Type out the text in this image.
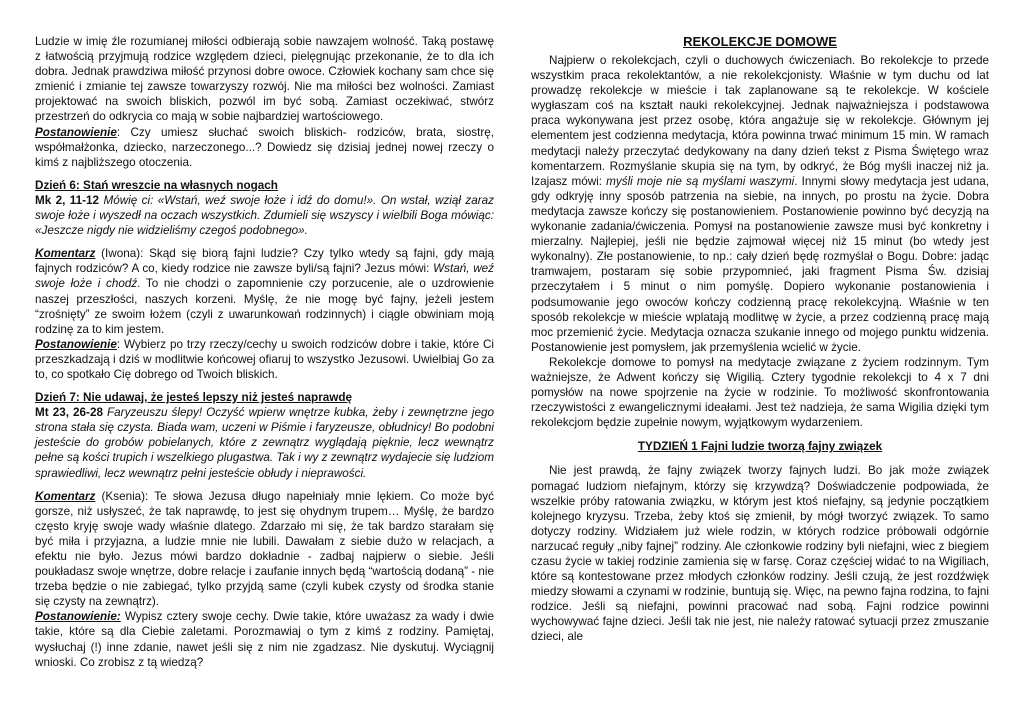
Ludzie w imię źle rozumianej miłości odbierają sobie nawzajem wolność. Taką postawę z łatwością przyjmują rodzice względem dzieci, pielęgnując przekonanie, że to dla ich dobra. Jednak prawdziwa miłość przynosi dobre owoce. Człowiek kochany sam chce się zmienić i zmianie tej zawsze towarzyszy rozwój. Nie ma miłości bez wolności. Zamiast projektować na swoich bliskich, pozwól im być sobą. Zamiast oczekiwać, stwórz przestrzeń do odkrycia co mają w sobie najbardziej wartościowego.

Postanowienie: Czy umiesz słuchać swoich bliskich- rodziców, brata, siostrę, współmałżonka, dziecko, narzeczonego...? Dowiedz się dzisiaj jednej nowej rzeczy o kimś z najbliższego otoczenia.

Dzień 6: Stań wreszcie na własnych nogach

Mk 2, 11-12 Mówię ci: «Wstań, weź swoje łoże i idź do domu!». On wstał, wziął zaraz swoje łoże i wyszedł na oczach wszystkich. Zdumieli się wszyscy i wielbili Boga mówiąc: «Jeszcze nigdy nie widzieliśmy czegoś podobnego».

Komentarz (Iwona): Skąd się biorą fajni ludzie? Czy tylko wtedy są fajni, gdy mają fajnych rodziców? A co, kiedy rodzice nie zawsze byli/są fajni? Jezus mówi: Wstań, weź swoje łoże i chodź. To nie chodzi o zapomnienie czy porzucenie, ale o uzdrowienie naszej przeszłości, naszych korzeni. Myślę, że nie mogę być fajny, jeżeli jestem “zrośnięty” ze swoim łożem (czyli z uwarunkowań rodzinnych) i ciągle obwiniam moją rodzinę za to kim jestem.

Postanowienie: Wybierz po trzy rzeczy/cechy u swoich rodziców dobre i takie, które Ci przeszkadzają i dziś w modlitwie końcowej ofiaruj to wszystko Jezusowi. Uwielbiaj Go za to, co spotkało Cię dobrego od Twoich bliskich.

Dzień 7: Nie udawaj, że jesteś lepszy niż jesteś naprawdę

Mt 23, 26-28 Faryzeuszu ślepy! Oczyść wpierw wnętrze kubka, żeby i zewnętrzne jego strona stała się czysta. Biada wam, uczeni w Piśmie i faryzeusze, obłudnicy! Bo podobni jesteście do grobów pobielanych, które z zewnątrz wyglądają pięknie, lecz wewnątrz pełne są kości trupich i wszelkiego plugastwa. Tak i wy z zewnątrz wydajecie się ludziom sprawiedliwi, lecz wewnątrz pełni jesteście obłudy i nieprawości.

Komentarz (Ksenia): Te słowa Jezusa długo napełniały mnie lękiem. Co może być gorsze, niż usłyszeć, że tak naprawdę, to jest się ohydnym trupem… Myślę, że bardzo często kryję swoje wady właśnie dlatego. Zdarzało mi się, że tak bardzo starałam się być miła i przyjazna, a ludzie mnie nie lubili. Dawałam z siebie dużo w relacjach, a efektu nie było. Jezus mówi bardzo dokładnie - zadbaj najpierw o siebie. Jeśli poukładasz swoje wnętrze, dobre relacje i zaufanie innych będą “wartością dodaną” - nie trzeba będzie o nie zabiegać, tylko przyjdą same (czyli kubek czysty od środka stanie się czysty na zewnątrz).

Postanowienie: Wypisz cztery swoje cechy. Dwie takie, które uważasz za wady i dwie takie, które są dla Ciebie zaletami. Porozmawiaj o tym z kimś z rodziny. Pamiętaj, wysłuchaj (!) inne zdanie, nawet jeśli się z nim nie zgadzasz. Nie dyskutuj. Wyciągnij wnioski. Co zrobisz z tą wiedzą?

REKOLEKCJE DOMOWE

Najpierw o rekolekcjach, czyli o duchowych ćwiczeniach. Bo rekolekcje to przede wszystkim praca rekolektantów, a nie rekolekcjonisty. Właśnie w tym duchu od lat prowadzę rekolekcje w mieście i tak zaplanowane są te rekolekcje. W kościele wygłaszam coś na kształt nauki rekolekcyjnej. Jednak najważniejsza i podstawowa praca wykonywana jest przez osobę, która angażuje się w rekolekcje. Głównym jej elementem jest codzienna medytacja, która powinna trwać minimum 15 min. W ramach medytacji należy przeczytać dedykowany na dany dzień tekst z Pisma Świętego wraz komentarzem. Rozmyślanie skupia się na tym, by odkryć, że Bóg myśli inaczej niż ja. Izajasz mówi: myśli moje nie są myślami waszymi. Innymi słowy medytacja jest udana, gdy odkryję inny sposób patrzenia na siebie, na innych, po prostu na życie. Dobra medytacja zawsze kończy się postanowieniem. Postanowienie powinno być decyzją na wykonanie zadania/ćwiczenia. Pomysł na postanowienie zawsze musi być konkretny i mierzalny. Najlepiej, jeśli nie będzie zajmował więcej niż 15 minut (bo wtedy jest wykonalny). Złe postanowienie, to np.: cały dzień będę rozmyślał o Bogu. Dobre: jadąc tramwajem, postaram się sobie przypomnieć, jaki fragment Pisma Św. dzisiaj przeczytałem i 5 minut o nim pomyślę. Dopiero wykonanie postanowienia i podsumowanie jego owoców kończy codzienną pracę rekolekcyjną. Właśnie w ten sposób rekolekcje w mieście wplatają modlitwę w życie, a przez codzienną pracę mają moc przemienić życie. Medytacja oznacza szukanie innego od mojego punktu widzenia. Postanowienie jest pomysłem, jak przemyślenia wcielić w życie.

Rekolekcje domowe to pomysł na medytacje związane z życiem rodzinnym. Tym ważniejsze, że Adwent kończy się Wigilią. Cztery tygodnie rekolekcji to 4 x 7 dni pomysłów na nowe spojrzenie na życie w rodzinie. To możliwość skonfrontowania rzeczywistości z ewangelicznymi ideałami. Jest też nadzieja, że sama Wigilia dzięki tym rekolekcjom będzie zupełnie nowym, wyjątkowym wydarzeniem.

TYDZIEŃ 1 Fajni ludzie tworzą fajny związek

Nie jest prawdą, że fajny związek tworzy fajnych ludzi. Bo jak może związek pomagać ludziom niefajnym, którzy się krzywdzą? Doświadczenie podpowiada, że wszelkie próby ratowania związku, w którym jest ktoś niefajny, są jedynie początkiem kolejnego kryzysu. Trzeba, żeby ktoś się zmienił, by mógł tworzyć związek. To samo dotyczy rodziny. Widziałem już wiele rodzin, w których rodzice próbowali odgórnie narzucać reguły „niby fajnej” rodziny. Ale członkowie rodziny byli niefajni, wiec z biegiem czasu życie w takiej rodzinie zamienia się w farsę. Coraz częściej widać to na Wigiliach, które są kontestowane przez młodych członków rodziny. Jeśli czują, że jest rozdźwięk miedzy słowami a czynami w rodzinie, buntują się. Więc, na pewno fajna rodzina, to fajni rodzice. Jeśli są niefajni, powinni pracować nad sobą. Fajni rodzice powinni wychowywać fajne dzieci. Jeśli tak nie jest, nie należy ratować sytuacji przez zmuszanie dzieci, ale
